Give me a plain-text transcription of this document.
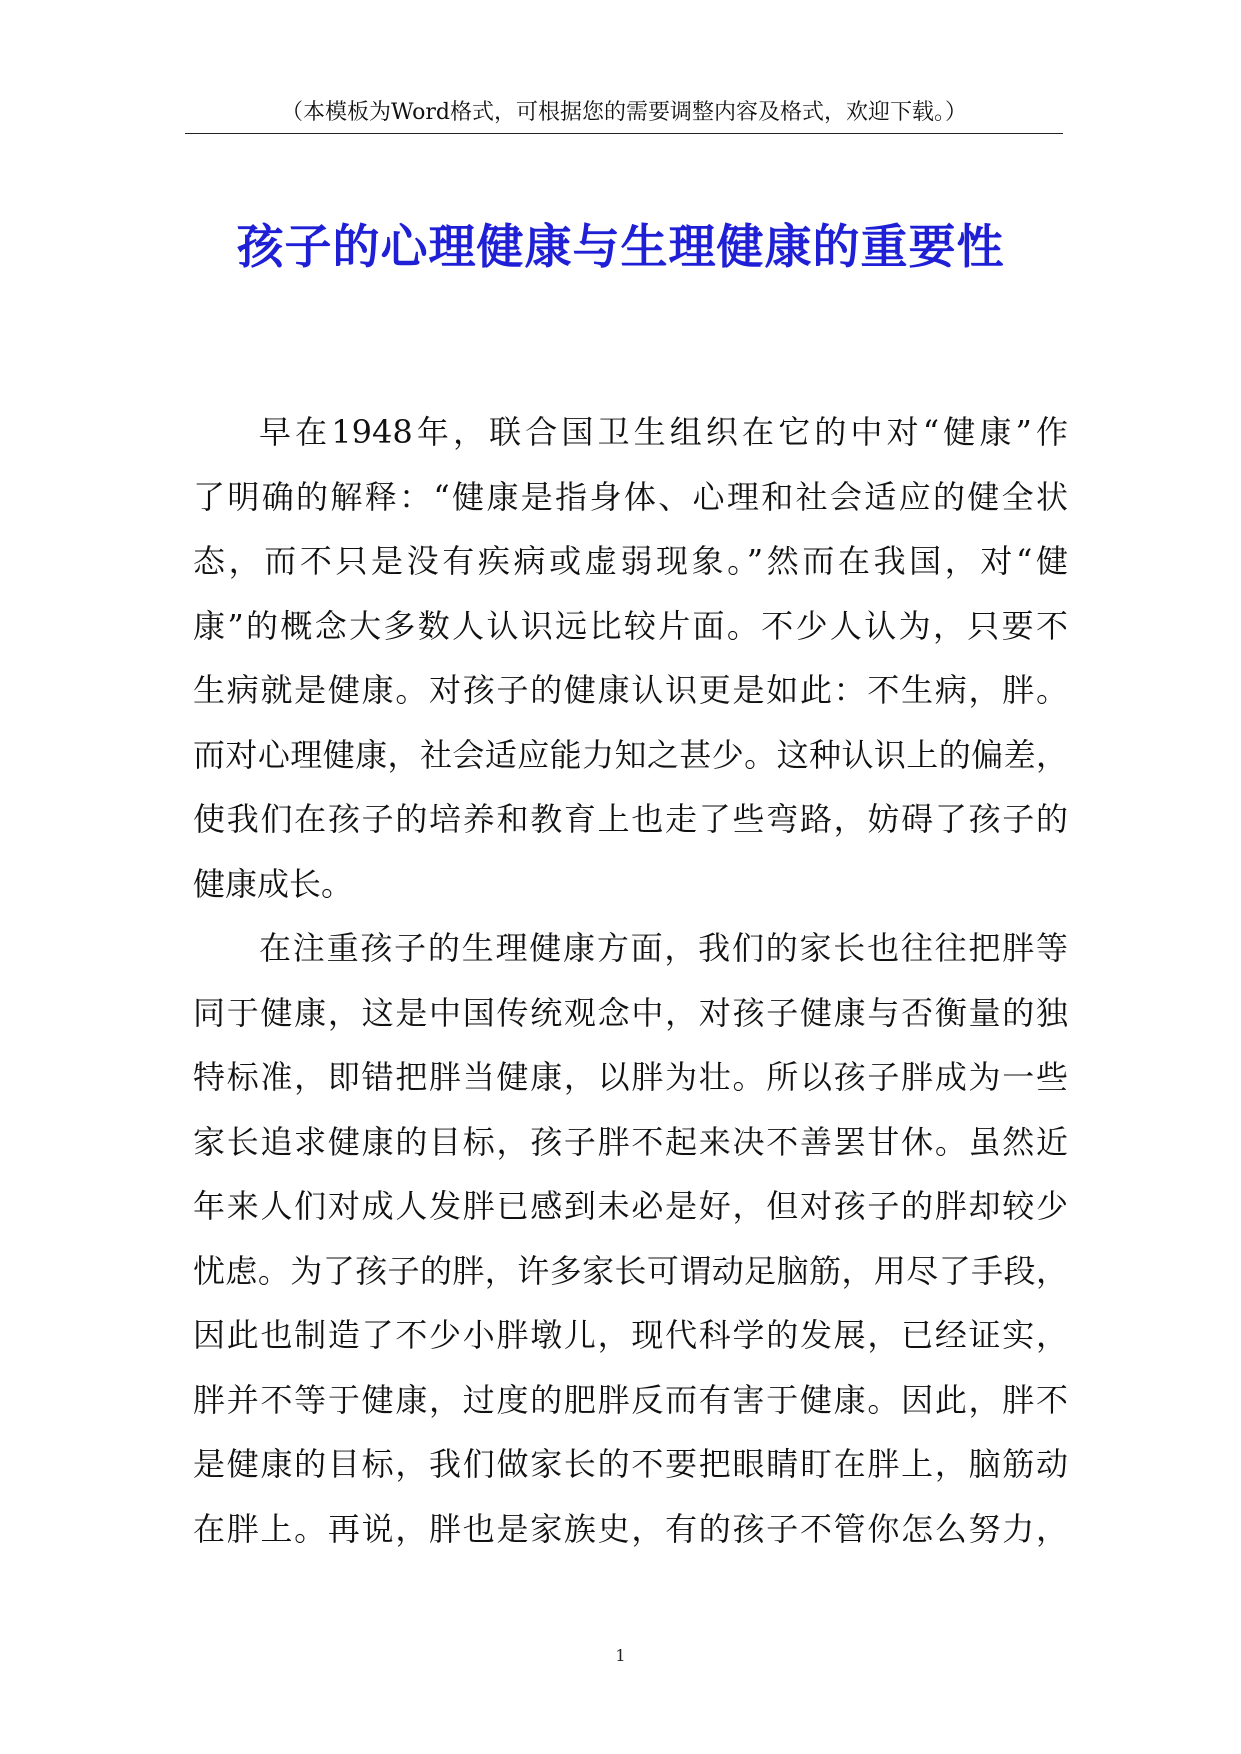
（本模板为Word格式，可根据您的需要调整内容及格式，欢迎下载。）
孩子的心理健康与生理健康的重要性
早在1948年，联合国卫生组织在它的中对“健康”作
了明确的解释：“健康是指身体、心理和社会适应的健全状
态，而不只是没有疾病或虚弱现象。”然而在我国，对“健
康”的概念大多数人认识远比较片面。不少人认为，只要不
生病就是健康。对孩子的健康认识更是如此：不生病，胖。
而对心理健康，社会适应能力知之甚少。这种认识上的偏差，
使我们在孩子的培养和教育上也走了些弯路，妨碍了孩子的
健康成长。
在注重孩子的生理健康方面，我们的家长也往往把胖等
同于健康，这是中国传统观念中，对孩子健康与否衡量的独
特标准，即错把胖当健康，以胖为壮。所以孩子胖成为一些
家长追求健康的目标，孩子胖不起来决不善罢甘休。虽然近
年来人们对成人发胖已感到未必是好，但对孩子的胖却较少
忧虑。为了孩子的胖，许多家长可谓动足脑筋，用尽了手段，
因此也制造了不少小胖墩儿，现代科学的发展，已经证实，
胖并不等于健康，过度的肥胖反而有害于健康。因此，胖不
是健康的目标，我们做家长的不要把眼睛盯在胖上，脑筋动
在胖上。再说，胖也是家族史，有的孩子不管你怎么努力，
1
